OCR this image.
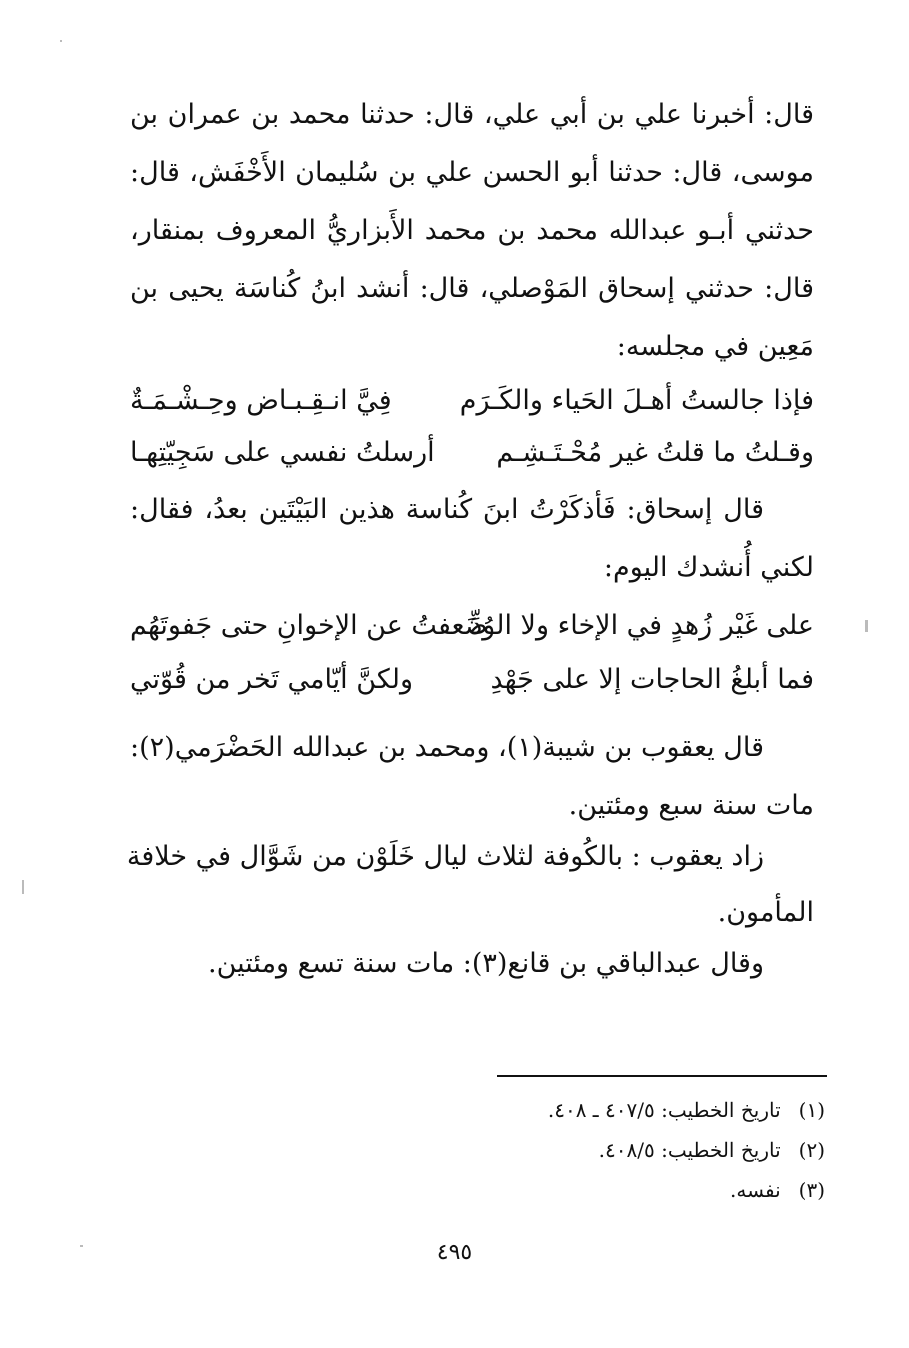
قال: أخبرنا علي بن أبي علي، قال: حدثنا محمد بن عمران بن
موسى، قال: حدثنا أبو الحسن علي بن سُليمان الأَخْفَش، قال:
حدثني أبـو عبدالله محمد بن محمد الأَبزاريُّ المعروف بمنقار،
قال: حدثني إسحاق المَوْصلي، قال: أنشد ابنُ كُناسَة يحيى بن
مَعِين في مجلسه:
فإذا جالستُ أهـلَ الحَياء والكَـرَم
فِيَّ انـقِـبـاض وحِـشْـمَـةٌ
وقـلتُ ما قلتُ غير مُحْـتَـشِـم
أرسلتُ نفسي على سَجِيّتِهـا
قال إسحاق: فَأذكَرْتُ ابنَ كُناسة هذين البَيْتَين بعدُ، فقال:
لكني أُنشدك اليوم:
على غَيْر زُهدٍ في الإخاء ولا الوُدِّ
ضَعفتُ عن الإخوانِ حتى جَفوتَهُم
فما أبلغُ الحاجات إلا على جَهْدِ
ولكنَّ أيّامي تَخر من قُوّتي
قال يعقوب بن شيبة(١)، ومحمد بن عبدالله الحَضْرَمي(٢):
مات سنة سبع ومئتين.
زاد يعقوب : بالكُوفة لثلاث ليال خَلَوْن من شَوَّال في خلافة
المأمون.
وقال عبدالباقي بن قانع(٣): مات سنة تسع ومئتين.
(١) تاريخ الخطيب: ٤٠٧/٥ ـ ٤٠٨.
(٢) تاريخ الخطيب: ٤٠٨/٥.
(٣) نفسه.
٤٩٥
